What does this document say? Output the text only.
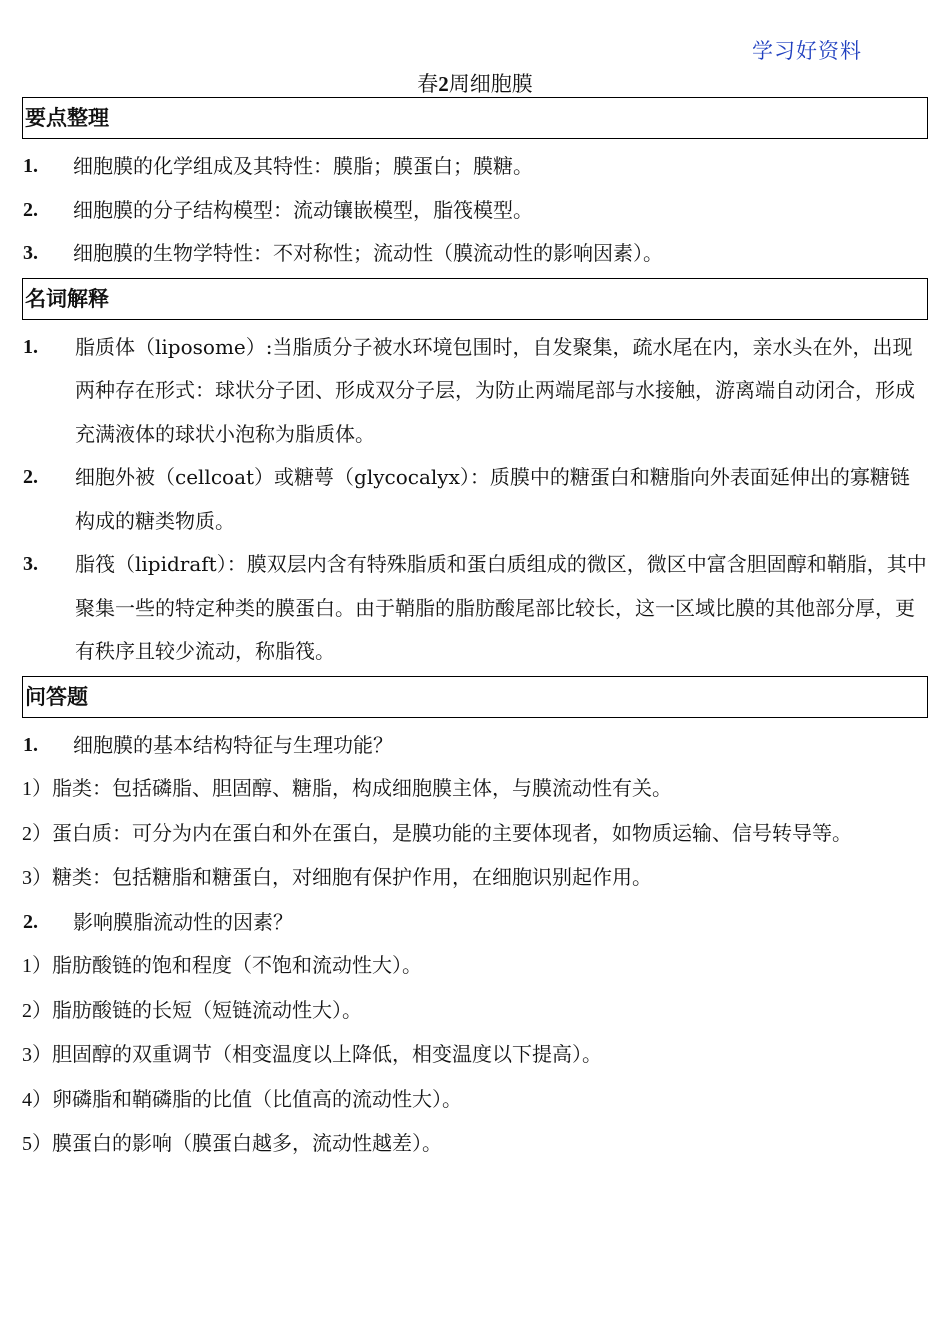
学习好资料
春2周细胞膜
要点整理
1.	细胞膜的化学组成及其特性：膜脂；膜蛋白；膜糖。
2.	细胞膜的分子结构模型：流动镶嵌模型，脂筏模型。
3.	细胞膜的生物学特性：不对称性；流动性（膜流动性的影响因素）。
名词解释
1.	脂质体（liposome）:当脂质分子被水环境包围时，自发聚集，疏水尾在内，亲水头在外，出现两种存在形式：球状分子团、形成双分子层，为防止两端尾部与水接触，游离端自动闭合，形成充满液体的球状小泡称为脂质体。
2.	细胞外被（cellcoat）或糖萼（glycocalyx）：质膜中的糖蛋白和糖脂向外表面延伸出的寡糖链构成的糖类物质。
3.	脂筏（lipidraft）：膜双层内含有特殊脂质和蛋白质组成的微区，微区中富含胆固醇和鞘脂，其中聚集一些的特定种类的膜蛋白。由于鞘脂的脂肪酸尾部比较长，这一区域比膜的其他部分厚，更有秩序且较少流动，称脂筏。
问答题
1.	细胞膜的基本结构特征与生理功能？
1）脂类：包括磷脂、胆固醇、糖脂，构成细胞膜主体，与膜流动性有关。
2）蛋白质：可分为内在蛋白和外在蛋白，是膜功能的主要体现者，如物质运输、信号转导等。
3）糖类：包括糖脂和糖蛋白，对细胞有保护作用，在细胞识别起作用。
2.	影响膜脂流动性的因素？
1）脂肪酸链的饱和程度（不饱和流动性大）。
2）脂肪酸链的长短（短链流动性大）。
3）胆固醇的双重调节（相变温度以上降低，相变温度以下提高）。
4）卵磷脂和鞘磷脂的比值（比值高的流动性大）。
5）膜蛋白的影响（膜蛋白越多，流动性越差）。
